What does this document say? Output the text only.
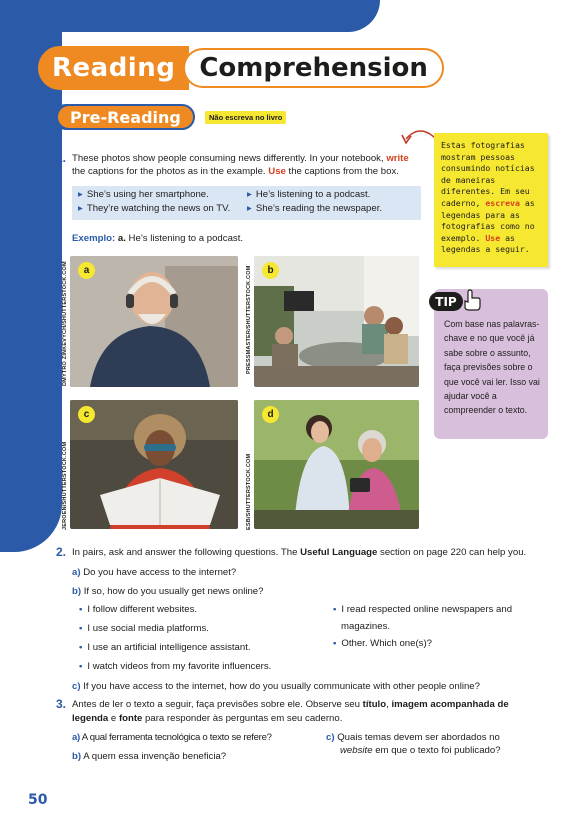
Reading Comprehension
Pre-Reading	Não escreva no livro
1. These photos show people consuming news differently. In your notebook, write the captions for the photos as in the example. Use the captions from the box.
▸ She’s using her smartphone.	▸ He’s listening to a podcast.
▸ They’re watching the news on TV.	▸ She’s reading the newspaper.
Exemplo: a. He’s listening to a podcast.
a
DMYTRO ZINKEVYCH/SHUTTERSTOCK.COM	b
PRESSMASTER/SHUTTERSTOCK.COM
c
JEROEN/SHUTTERSTOCK.COM
d
ESB/SHUTTERSTOCK.COM
Estas fotografias mostram pessoas consumindo notícias de maneiras diferentes. Em seu caderno, escreva as legendas para as fotografias como no exemplo. Use as legendas a seguir.
Com base nas palavras-chave e no que você já sabe sobre o assunto, faça previsões sobre o que você vai ler. Isso vai ajudar você a compreender o texto.
TIP
2. In pairs, ask and answer the following questions. The Useful Language section on page 220 can help you.
a) Do you have access to the internet?
b) If so, how do you usually get news online?
• I follow different websites.
• I use social media platforms.
• I use an artificial intelligence assistant.
• I watch videos from my favorite influencers.
• I read respected online newspapers and
magazines.
• Other. Which one(s)?
c) If you have access to the internet, how do you usually communicate with other people online?
3. Antes de ler o texto a seguir, faça previsões sobre ele. Observe seu título, imagem acompanhada de
legenda e fonte para responder às perguntas em seu caderno.
a) A qual ferramenta tecnológica o texto se refere?
b) A quem essa invenção beneficia?
c) Quais temas devem ser abordados no
website em que o texto foi publicado?
50
